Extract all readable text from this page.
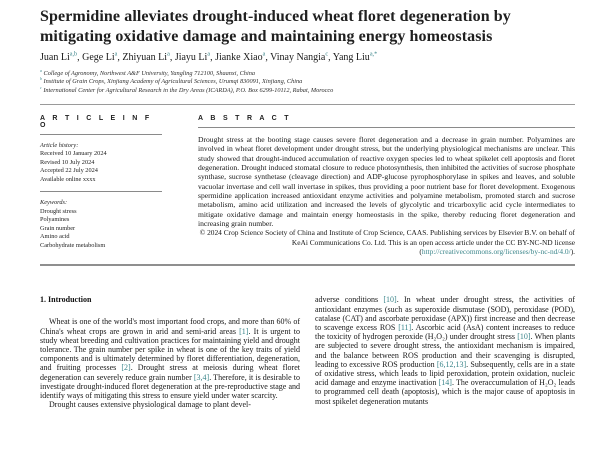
Spermidine alleviates drought-induced wheat floret degeneration by mitigating oxidative damage and maintaining energy homeostasis
Juan Li$^{a,b}$ , Gege Li$^a$ , Zhiyuan Li$^a$ , Jiayu Li$^a$ , Jianke Xiao$^a$ , Vinay Nangia$^c$ , Yang Liu$^{a,*}$
$^a$ College of Agronomy, Northwest A&F University, Yangling 712100, Shaanxi, China
$^b$ Institute of Grain Crops, Xinjiang Academy of Agricultural Sciences, Urumqi 830091, Xinjiang, China
$^c$ International Center for Agricultural Research in the Dry Areas (ICARDA), P.O. Box 6299-10112, Rabat, Morocco
A R T I C L E I N F O
Article history:
Received 10 January 2024
Revised 10 July 2024
Accepted 22 July 2024
Available online xxxx
Keywords:
Drought stress
Polyamines
Grain number
Amino acid
Carbohydrate metabolism
A B S T R A C T

Drought stress at the booting stage causes severe floret degeneration and a decrease in grain number. Polyamines are involved in wheat floret development under drought stress, but the underlying physiological mechanisms are unclear. This study showed that drought-induced accumulation of reactive oxygen species led to wheat spikelet cell apoptosis and floret degeneration. Drought induced stomatal closure to reduce photosynthesis, then inhibited the activities of sucrose phosphate synthase, sucrose synthetase (cleavage direction) and ADP-glucose pyrophosphorylase in spikes and leaves, and soluble vacuolar invertase and cell wall invertase in spikes, thus providing a poor nutrient base for floret development. Exogenous spermidine application increased antioxidant enzyme activities and polyamine metabolism, promoted starch and sucrose metabolism, amino acid utilization and increased the levels of glycolytic and tricarboxylic acid cycle intermediates to mitigate oxidative damage and maintain energy homeostasis in the spike, thereby reducing floret degeneration and increasing grain number.

© 2024 Crop Science Society of China and Institute of Crop Science, CAAS. Publishing services by Elsevier B.V. on behalf of KeAi Communications Co. Ltd. This is an open access article under the CC BY-NC-ND license (http://creativecommons.org/licenses/by-nc-nd/4.0/).

1. Introduction

Wheat is one of the world's most important food crops, and more than 60% of China's wheat crops are grown in arid and semi-arid areas [1]. It is urgent to study wheat breeding and cultivation practices for maintaining yield and drought tolerance. The grain number per spike in wheat is one of the key traits of yield components and is ultimately determined by floret differentiation, degeneration, and fruiting processes [2]. Drought stress at meiosis during wheat floret degeneration can severely reduce grain number [3,4]. Therefore, it is desirable to investigate drought-induced floret degeneration at the pre-reproductive stage and identify ways of mitigating this stress to ensure yield under water scarcity.

Drought causes extensive physiological damage to plant devel-

adverse conditions [10]. In wheat under drought stress, the activities of antioxidant enzymes (such as superoxide dismutase (SOD), peroxidase (POD), catalase (CAT) and ascorbate peroxidase (APX)) first increase and then decrease to scavenge excess ROS [11]. Ascorbic acid (AsA) content increases to reduce the toxicity of hydrogen peroxide (H₂O₂) under drought stress [10]. When plants are subjected to severe drought stress, the antioxidant mechanism is impaired, and the balance between ROS production and their scavenging is disrupted, leading to excessive ROS production [6,12,13]. Subsequently, cells are in a state of oxidative stress, which leads to lipid peroxidation, protein oxidation, nucleic acid damage and enzyme inactivation [14]. The overaccumulation of H₂O₂ leads to programmed cell death (apoptosis), which is the major cause of apoptosis in most spikelet degeneration mutants
